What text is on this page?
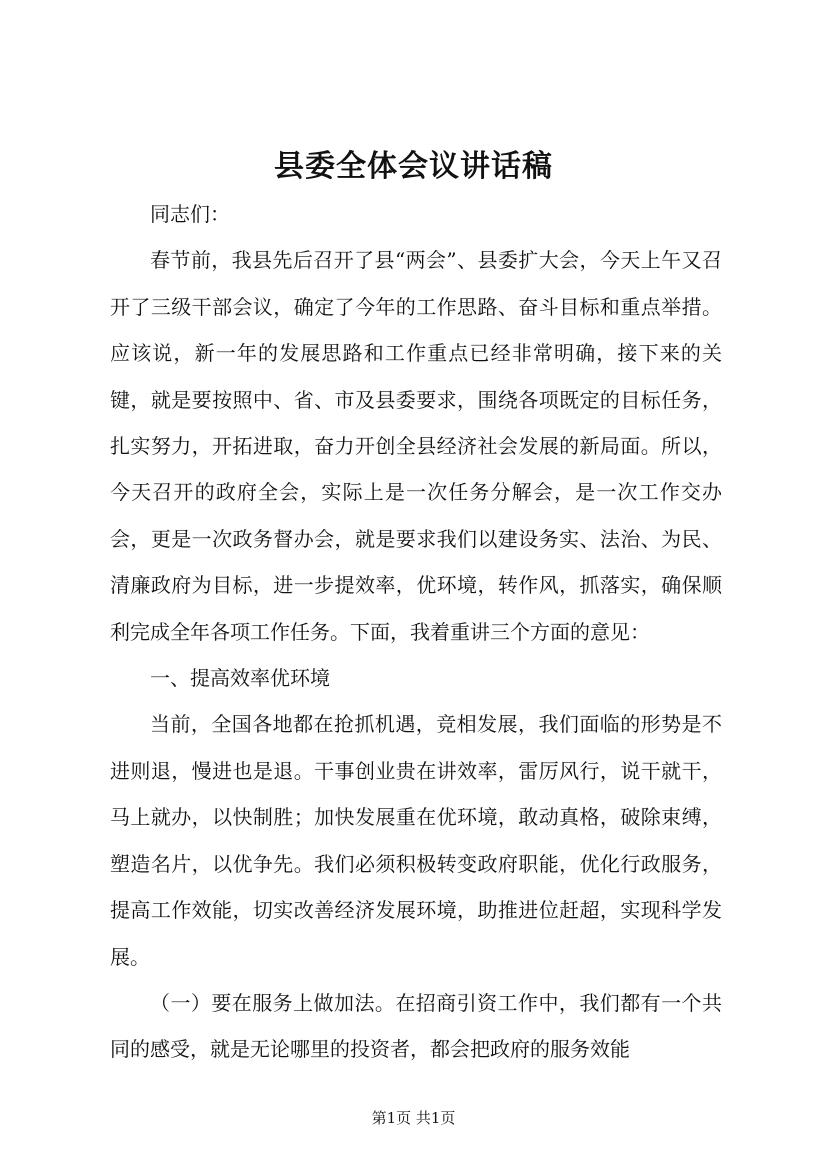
县委全体会议讲话稿

同志们：

春节前，我县先后召开了县“两会”、县委扩大会，今天上午又召开了三级干部会议，确定了今年的工作思路、奋斗目标和重点举措。应该说，新一年的发展思路和工作重点已经非常明确，接下来的关键，就是要按照中、省、市及县委要求，围绕各项既定的目标任务，扎实努力，开拓进取，奋力开创全县经济社会发展的新局面。所以，今天召开的政府全会，实际上是一次任务分解会，是一次工作交办会，更是一次政务督办会，就是要求我们以建设务实、法治、为民、清廉政府为目标，进一步提效率，优环境，转作风，抓落实，确保顺利完成全年各项工作任务。下面，我着重讲三个方面的意见：

一、提高效率优环境

当前，全国各地都在抢抓机遇，竞相发展，我们面临的形势是不进则退，慢进也是退。干事创业贵在讲效率，雷厉风行，说干就干，马上就办，以快制胜；加快发展重在优环境，敢动真格，破除束缚，塑造名片，以优争先。我们必须积极转变政府职能，优化行政服务，提高工作效能，切实改善经济发展环境，助推进位赶超，实现科学发展。

（一）要在服务上做加法。在招商引资工作中，我们都有一个共同的感受，就是无论哪里的投资者，都会把政府的服务效能

第1页 共1页
